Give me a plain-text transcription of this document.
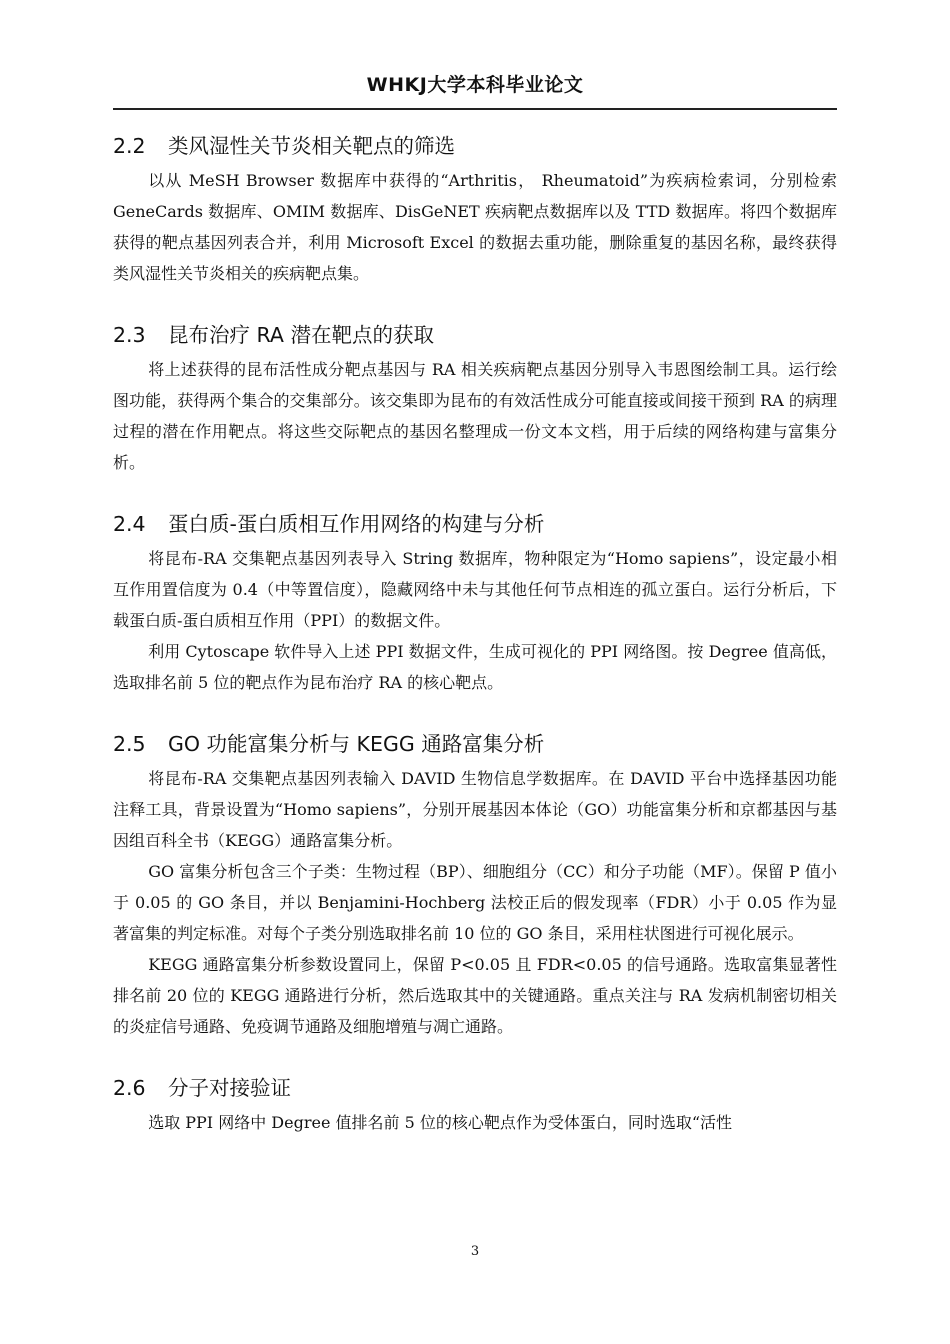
WHKJ大学本科毕业论文
2.2 类风湿性关节炎相关靶点的筛选

以从 MeSH Browser 数据库中获得的“Arthritis， Rheumatoid”为疾病检索词，分别检索 GeneCards 数据库、OMIM 数据库、DisGeNET 疾病靶点数据库以及 TTD 数据库。将四个数据库获得的靶点基因列表合并，利用 Microsoft Excel 的数据去重功能，删除重复的基因名称，最终获得类风湿性关节炎相关的疾病靶点集。

2.3 昆布治疗 RA 潜在靶点的获取

将上述获得的昆布活性成分靶点基因与 RA 相关疾病靶点基因分别导入韦恩图绘制工具。运行绘图功能，获得两个集合的交集部分。该交集即为昆布的有效活性成分可能直接或间接干预到 RA 的病理过程的潜在作用靶点。将这些交际靶点的基因名整理成一份文本文档，用于后续的网络构建与富集分析。

2.4 蛋白质-蛋白质相互作用网络的构建与分析

将昆布-RA 交集靶点基因列表导入 String 数据库，物种限定为“Homo sapiens”，设定最小相互作用置信度为 0.4（中等置信度），隐藏网络中未与其他任何节点相连的孤立蛋白。运行分析后，下载蛋白质-蛋白质相互作用（PPI）的数据文件。

利用 Cytoscape 软件导入上述 PPI 数据文件，生成可视化的 PPI 网络图。按 Degree 值高低，选取排名前 5 位的靶点作为昆布治疗 RA 的核心靶点。

2.5 GO 功能富集分析与 KEGG 通路富集分析

将昆布-RA 交集靶点基因列表输入 DAVID 生物信息学数据库。在 DAVID 平台中选择基因功能注释工具，背景设置为“Homo sapiens”，分别开展基因本体论（GO）功能富集分析和京都基因与基因组百科全书（KEGG）通路富集分析。

GO 富集分析包含三个子类：生物过程（BP）、细胞组分（CC）和分子功能（MF）。保留 P 值小于 0.05 的 GO 条目，并以 Benjamini-Hochberg 法校正后的假发现率（FDR）小于 0.05 作为显著富集的判定标准。对每个子类分别选取排名前 10 位的 GO 条目，采用柱状图进行可视化展示。

KEGG 通路富集分析参数设置同上，保留 P<0.05 且 FDR<0.05 的信号通路。选取富集显著性排名前 20 位的 KEGG 通路进行分析，然后选取其中的关键通路。重点关注与 RA 发病机制密切相关的炎症信号通路、免疫调节通路及细胞增殖与凋亡通路。

2.6 分子对接验证

选取 PPI 网络中 Degree 值排名前 5 位的核心靶点作为受体蛋白，同时选取“活性

3
